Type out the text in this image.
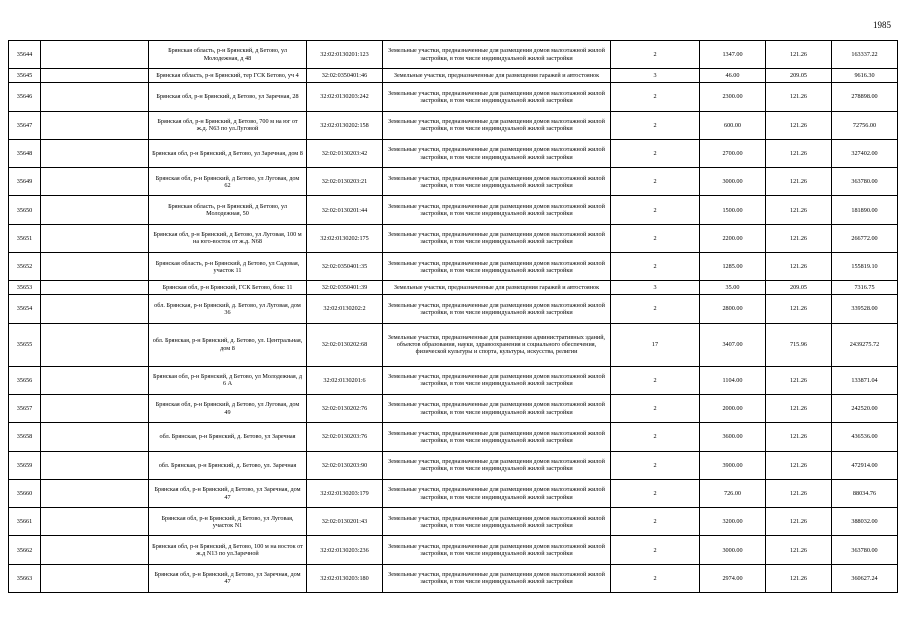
1985
35644		Брянская область, р-н Брянский, д Бетово, ул Молодежная, д 48	32:02:0130201:123	Земельные участки, предназначенные для размещения домов малоэтажной жилой застройки, в том числе индивидуальной жилой застройки	2	1347.00	121.26	163337.22
35645		Брянская область, р-н Брянский, тер ГСК Бетово, уч 4	32:02:0350401:46	Земельные участки, предназначенные для размещения гаражей и автостоянок	3	46.00	209.05	9616.30
35646		Брянская обл, р-н Брянский, д Бетово, ул Заречная, 28	32:02:0130203:242	Земельные участки, предназначенные для размещения домов малоэтажной жилой застройки, в том числе индивидуальной жилой застройки	2	2300.00	121.26	278898.00
35647		Брянская обл, р-н Брянский, д Бетово, 700 м на юг от ж.д. N63 по ул.Луговой	32:02:0130202:158	Земельные участки, предназначенные для размещения домов малоэтажной жилой застройки, в том числе индивидуальной жилой застройки	2	600.00	121.26	72756.00
35648		Брянская обл, р-н Брянский, д Бетово, ул Заречная, дом 8	32:02:0130203:42	Земельные участки, предназначенные для размещения домов малоэтажной жилой застройки, в том числе индивидуальной жилой застройки	2	2700.00	121.26	327402.00
35649		Брянская обл, р-н Брянский, д Бетово, ул Луговая, дом 62	32:02:0130203:21	Земельные участки, предназначенные для размещения домов малоэтажной жилой застройки, в том числе индивидуальной жилой застройки	2	3000.00	121.26	363780.00
35650		Брянская область, р-н Брянский, д Бетово, ул Молодежная, 50	32:02:0130201:44	Земельные участки, предназначенные для размещения домов малоэтажной жилой застройки, в том числе индивидуальной жилой застройки	2	1500.00	121.26	181890.00
35651		Брянская обл, р-н Брянский, д Бетово, ул Луговая, 100 м на юго-восток от ж.д. N68	32:02:0130202:175	Земельные участки, предназначенные для размещения домов малоэтажной жилой застройки, в том числе индивидуальной жилой застройки	2	2200.00	121.26	266772.00
35652		Брянская область, р-н Брянский, д Бетово, ул Садовая, участок 11	32:02:0350401:35	Земельные участки, предназначенные для размещения домов малоэтажной жилой застройки, в том числе индивидуальной жилой застройки	2	1285.00	121.26	155819.10
35653		Брянская обл, р-н Брянский, ГСК Бетово, бокс 11	32:02:0350401:39	Земельные участки, предназначенные для размещения гаражей и автостоянок	3	35.00	209.05	7316.75
35654		обл. Брянская, р-н Брянский, д. Бетово, ул Луговая, дом 36	32:02:0130202:2	Земельные участки, предназначенные для размещения домов малоэтажной жилой застройки, в том числе индивидуальной жилой застройки	2	2800.00	121.26	339528.00
35655		обл. Брянская, р-н Брянский, д. Бетово, ул. Центральная, дом 8	32:02:0130202:68	Земельные участки, предназначенные для размещения административных зданий, объектов образования, науки, здравоохранения и социального обеспечения, физической культуры и спорта, культуры, искусства, религии	17	3407.00	715.96	2439275.72
35656		Брянская обл, р-н Брянский, д Бетово, ул Молодежная, д 6 А	32:02:0130201:6	Земельные участки, предназначенные для размещения домов малоэтажной жилой застройки, в том числе индивидуальной жилой застройки	2	1104.00	121.26	133871.04
35657		Брянская обл, р-н Брянский, д Бетово, ул Луговая, дом 49	32:02:0130202:76	Земельные участки, предназначенные для размещения домов малоэтажной жилой застройки, в том числе индивидуальной жилой застройки	2	2000.00	121.26	242520.00
35658		обл. Брянская, р-н Брянский, д. Бетово, ул Заречная	32:02:0130203:76	Земельные участки, предназначенные для размещения домов малоэтажной жилой застройки, в том числе индивидуальной жилой застройки	2	3600.00	121.26	436536.00
35659		обл. Брянская, р-н Брянский, д. Бетово, ул. Заречная	32:02:0130203:90	Земельные участки, предназначенные для размещения домов малоэтажной жилой застройки, в том числе индивидуальной жилой застройки	2	3900.00	121.26	472914.00
35660		Брянская обл, р-н Брянский, д Бетово, ул Заречная, дом 47	32:02:0130203:179	Земельные участки, предназначенные для размещения домов малоэтажной жилой застройки, в том числе индивидуальной жилой застройки	2	726.00	121.26	88034.76
35661		Брянская обл, р-н Брянский, д Бетово, ул Луговая, участок N1	32:02:0130201:43	Земельные участки, предназначенные для размещения домов малоэтажной жилой застройки, в том числе индивидуальной жилой застройки	2	3200.00	121.26	388032.00
35662		Брянская обл, р-н Брянский, д Бетово, 100 м на восток от ж.д N13 по ул.Заречной	32:02:0130203:236	Земельные участки, предназначенные для размещения домов малоэтажной жилой застройки, в том числе индивидуальной жилой застройки	2	3000.00	121.26	363780.00
35663		Брянская обл, р-н Брянский, д Бетово, ул Заречная, дом 47	32:02:0130203:180	Земельные участки, предназначенные для размещения домов малоэтажной жилой застройки, в том числе индивидуальной жилой застройки	2	2974.00	121.26	360627.24
